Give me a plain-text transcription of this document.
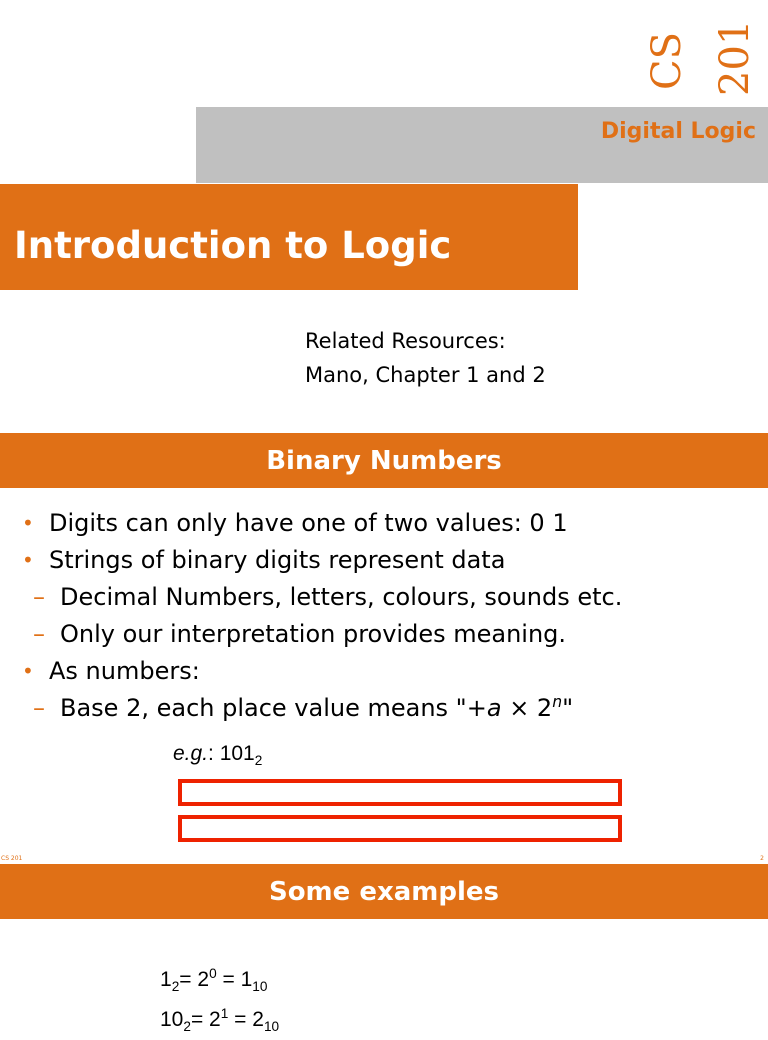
CS 201
Digital Logic
Introduction to Logic
Related Resources:
Mano, Chapter 1 and 2
Binary Numbers
• Digits can only have one of two values: 0 1
• Strings of binary digits represent data
– Decimal Numbers, letters, colours, sounds etc.
– Only our interpretation provides meaning.
• As numbers:
– Base 2, each place value means "$+a \times 2^n$"
e.g.: $101_2$
CS 201	2
Some examples
$1_2= 2^0 = 1_{10}$
$10_2= 2^1 = 2_{10}$
